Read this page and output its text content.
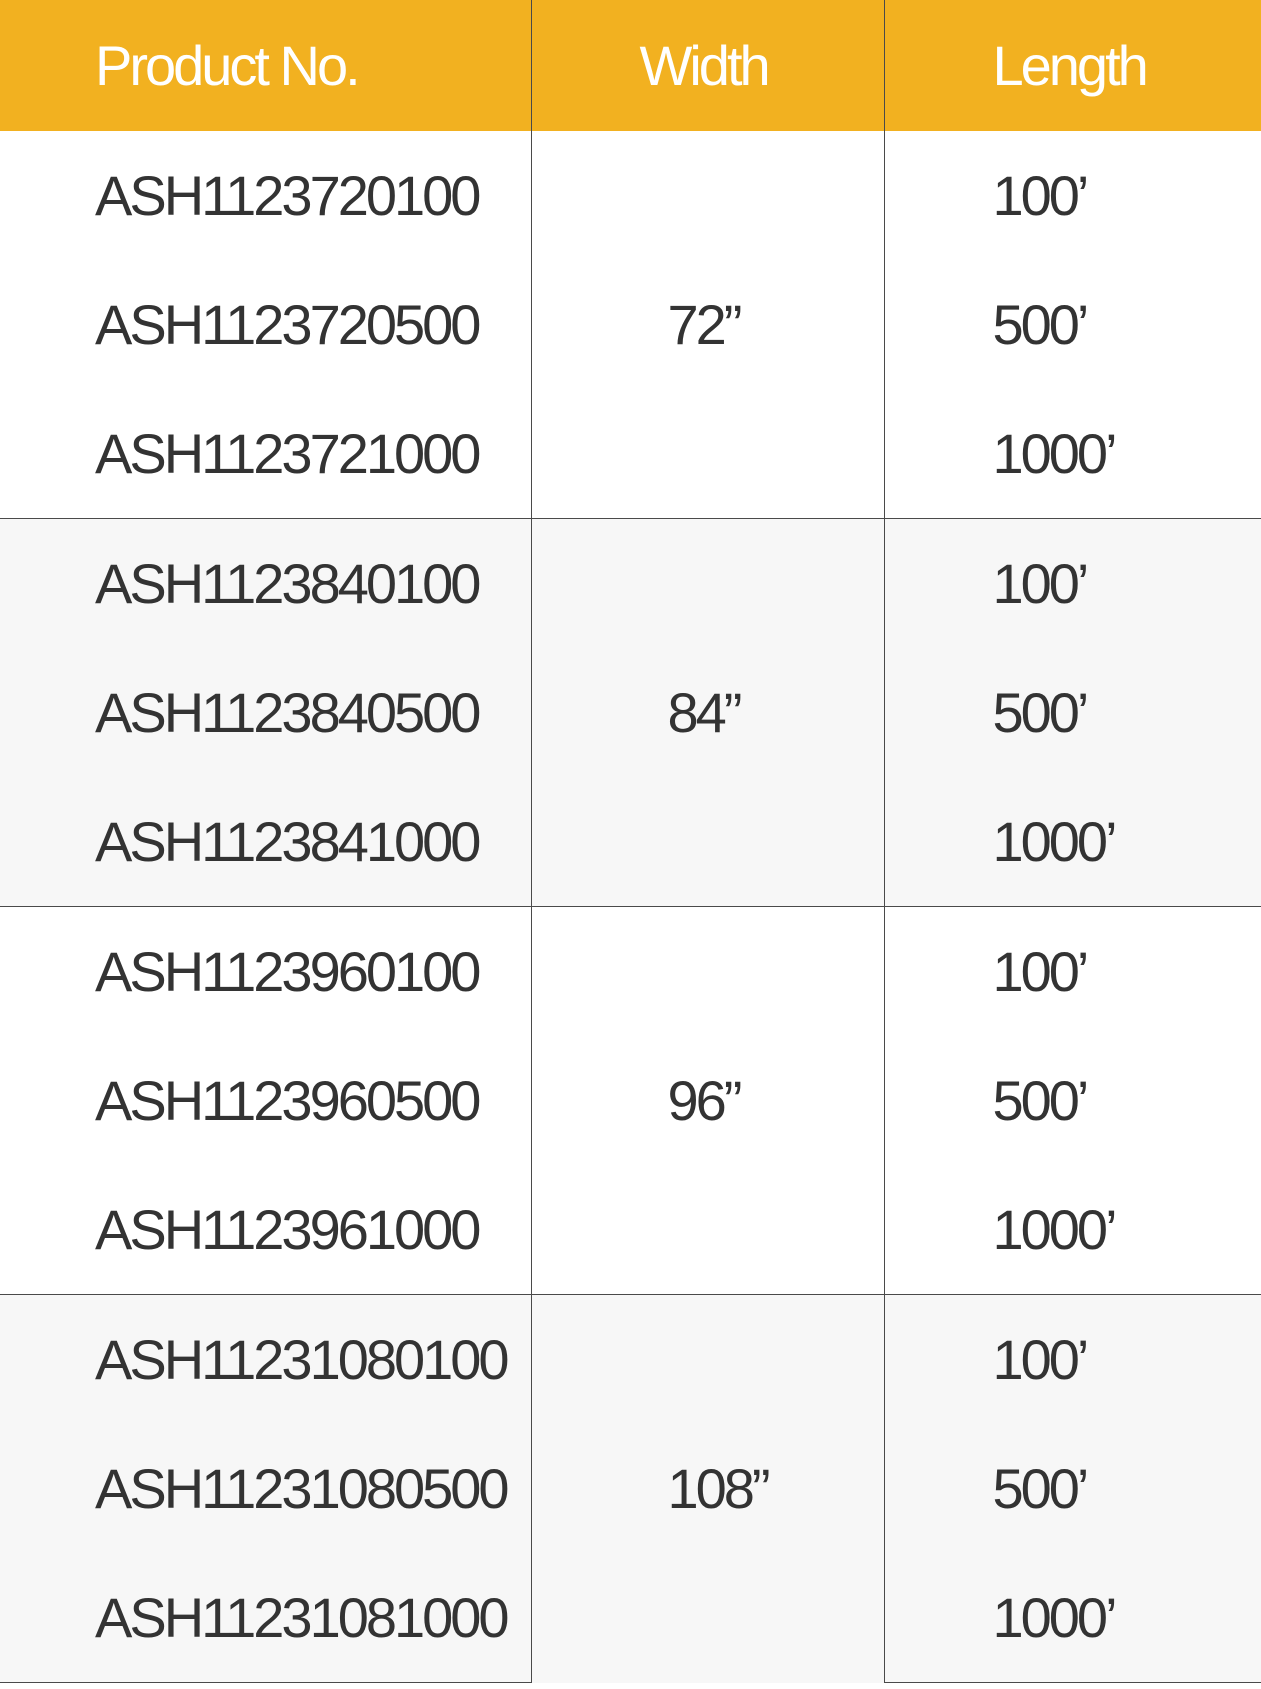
Product No.	Width	Length
ASH1123720100	72”	100’
ASH1123720500		500’
ASH1123721000		1000’
ASH1123840100	84”	100’
ASH1123840500		500’
ASH1123841000		1000’
ASH1123960100	96”	100’
ASH1123960500		500’
ASH1123961000		1000’
ASH11231080100	108”	100’
ASH11231080500		500’
ASH11231081000		1000’
